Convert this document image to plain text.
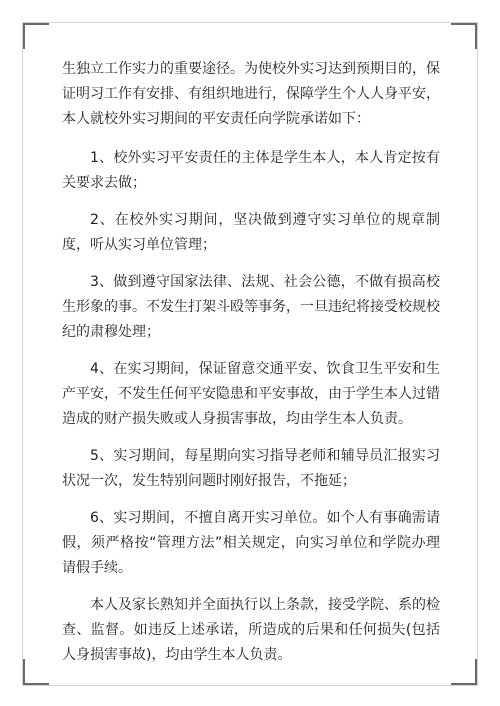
生独立工作实力的重要途径。为使校外实习达到预期目的，保证明习工作有安排、有组织地进行，保障学生个人人身平安，本人就校外实习期间的平安责任向学院承诺如下：

1、校外实习平安责任的主体是学生本人，本人肯定按有关要求去做；

2、在校外实习期间，坚决做到遵守实习单位的规章制度，听从实习单位管理；

3、做到遵守国家法律、法规、社会公德，不做有损高校生形象的事。不发生打架斗殴等事务，一旦违纪将接受校规校纪的肃穆处理；

4、在实习期间，保证留意交通平安、饮食卫生平安和生产平安，不发生任何平安隐患和平安事故，由于学生本人过错造成的财产损失败或人身损害事故，均由学生本人负责。

5、实习期间，每星期向实习指导老师和辅导员汇报实习状况一次，发生特别问题时刚好报告，不拖延；

6、实习期间，不擅自离开实习单位。如个人有事确需请假，须严格按“管理方法”相关规定，向实习单位和学院办理请假手续。

本人及家长熟知并全面执行以上条款，接受学院、系的检查、监督。如违反上述承诺，所造成的后果和任何损失(包括人身损害事故)，均由学生本人负责。
